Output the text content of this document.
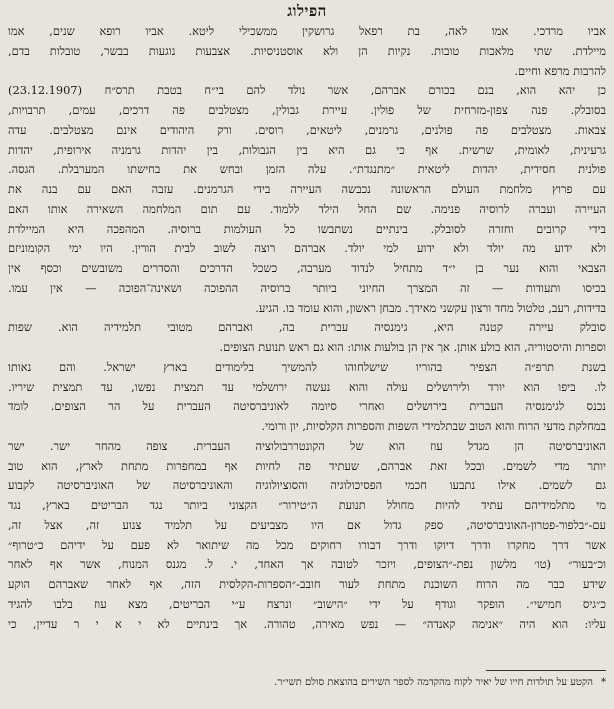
הפילוג
אביו מרדכי. אמו לאה, בת רפאל גרושקין ממשכילי ליטא. אביו רופא שנים, אמו
מיילדת. שתי מלאכות טובות. נקיות הן ולא אוסטניסיות. אצבעות נוגעות בבשר, טובלות בדם,
להרבות מרפא וחיים.
כן יהא הוא, בנם בכורם אברהם, אשר נולד להם בי״ח בטבת תרס״ח (23.12.1907)
בסובלק. פנה צפון-מזרחית של פולין. עיירת גבולין, מצטלבים פה דרכים, עמים, תרבויות,
צבאות. מצטלבים פה פולנים, גרמנים, ליטאים, רוסים. ורק היהודים אינם מצטלבים. עדה
גרעינית, לאומית, שרשית. אף כי גם היא בין הגבולות, בין יהדות גרמניה אירופית, יהדות
פולנית חסידית, יהדות ליטאית ״מתנגדת״. עלה הזמן ובחש את בחישתו המערבלת. הגסה.
עם פרוץ מלחמת העולם הראשונה נכבשה העיירה בידי הגרמנים. עזבה האם עם בנה את
העיירה ועברה לרוסיה פנימה. שם החל הילד ללמוד. עם תום המלחמה השאירה אותו האם
בידי קרובים וחזרה לסובלק. בינתיים נשתבשו כל העולמות ברוסיה. המהפכה היא המיילדת
ולא ידוע מה יולד ולא ידוע למי יולד. אברהם רוצה לשוב לבית הורין. היו ימי הקומוניזם
הצבאי והוא נער בן י״ד מתחיל לנדוד מערבה, כשכל הדרכים והסדרים משובשים וכסף אין
בכיסו ותעודות — זה המצרך החיוני ביותר ברוסיה ההפוכה ושאינה־הפוכה — אין עמו.
בדידות, רעב, טלטול מחד ורצון עקשני מאידך. מבחן ראשון, והוא עומד בו. הגיע.
סובלק עיירה קטנה היא, גימנסיה עברית בה, ואברהם מטובי תלמידיה הוא. שפות
וספרות והיסטוריה, הוא בולע אותן. אך אין הן בולעות אותו: הוא גם ראש תנועת הצופים.
בשנת תרפ״ה הצפיר בהוריו שישלחוהו להמשיך בלימודים בארץ ישראל. והם נאותו
לו. ביפו הוא יורד ולירושלים עולה והוא נעשה ירושלמי עד תמצית נפשו, עד תמצית שיריו.
נכנס לגימנסיה העברית בירושלים ואחרי סיומה לאוניברסיטה העברית על הר הצופים. לומד
במחלקת מדעי הרוח והוא הטוב שבתלמידי השפות והספרות הקלסיות, יון ורומי.
האוניברסיטה הן מגדל עוז הוא של הקונטררבולוציה העברית. צופה מהחר ישר. ישר
יותר מדי לשמים. ובכל זאת אברהם, שעתיד פה לחיות אף במחפרות מתחת לארץ, הוא טוב
גם לשמים. אילו נתבעו חכמי הפסיכולוגיה והסוציולוגיה והאוניברסיטה של האוניברסיטה לקבוע
מי מתלמידיהם עתיד להיות מחולל תנועת ה״טירור״ הקצוני ביותר נגד הבריטים בארץ, נגד
עם-״בלפור-פטרון-האוניברסיטה, ספק גדול אם היו מצביעים על תלמיד צנוע זה, אצל זה,
אשר דרך מחקרו ודרך דיוקו ודרך דבורו רחוקים מכל מה שיתואר לא פעם על ידיהם כ״טרוף״
וכ״בעור״ (טו׳ מלשון נפת-״הצופים, ויזכר לטובה אך האחד, י. ל. מגנס המנוח, אשר אף לאחר
שידע כבר מה הרוח השוכנת מתחת לעור חובב-״הספרות-הקלסית הזה, אף לאחר שאברהם הוקע
כ״גיס חמישי״. הופקר וגודף על ידי ״הישוב״ ונרצח ע״י הבריטים, מצא עוז בלבו להגיד
עליו: הוא היה ״אנימה קאנדה״ — נפש מאירה, טהורה. אך בינתיים לא י א י ר עדיין, כי

*הקטע על תולדות חייו של יאיר לקוח מהקדמה לספר השירים בהוצאת סולם תשי״ר.
